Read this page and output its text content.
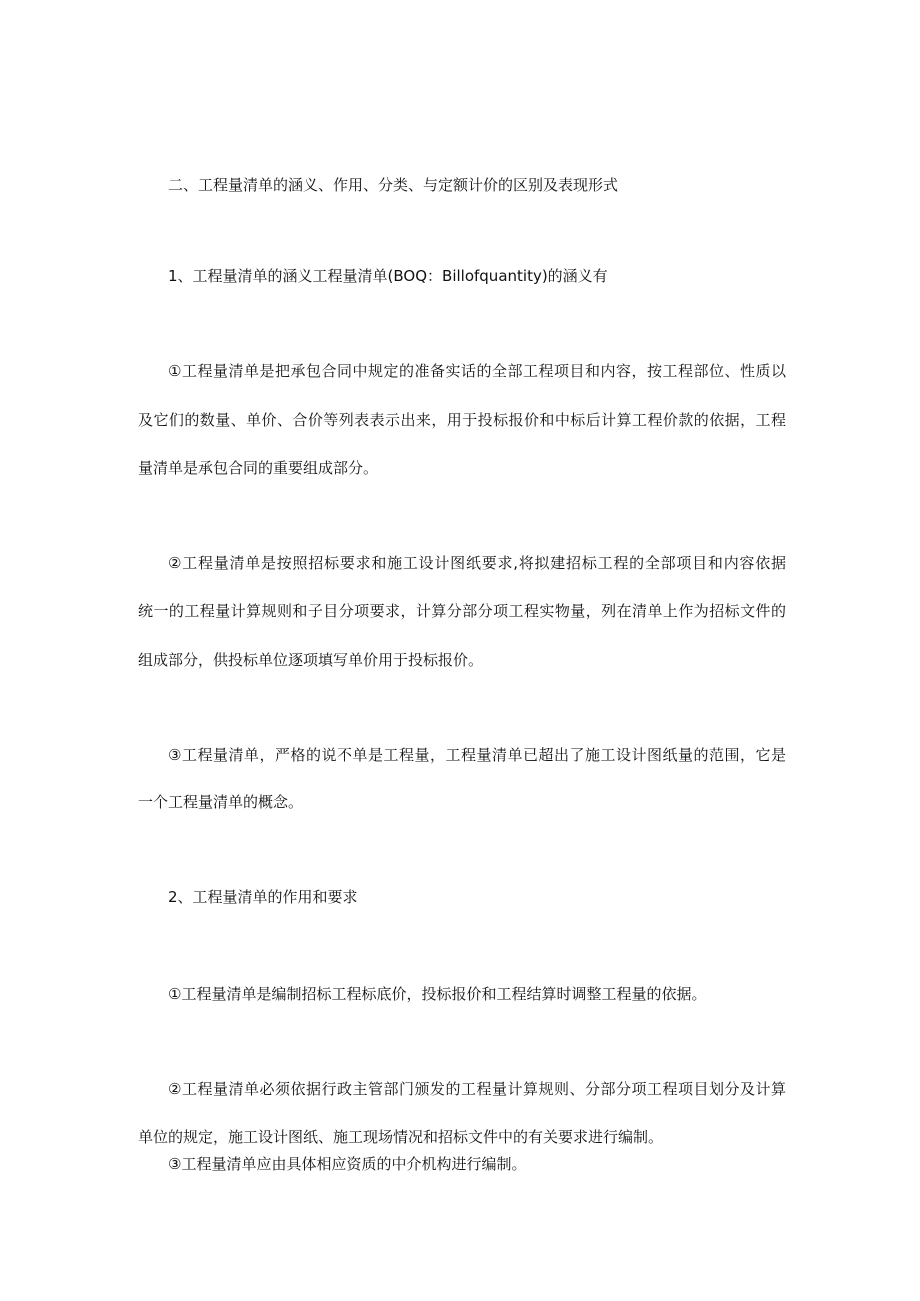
二、工程量清单的涵义、作用、分类、与定额计价的区别及表现形式
1、工程量清单的涵义工程量清单(BOQ：Billofquantity)的涵义有
①工程量清单是把承包合同中规定的准备实话的全部工程项目和内容，按工程部位、性质以
及它们的数量、单价、合价等列表表示出来，用于投标报价和中标后计算工程价款的依据，工程
量清单是承包合同的重要组成部分。
②工程量清单是按照招标要求和施工设计图纸要求,将拟建招标工程的全部项目和内容依据
统一的工程量计算规则和子目分项要求，计算分部分项工程实物量，列在清单上作为招标文件的
组成部分，供投标单位逐项填写单价用于投标报价。
③工程量清单，严格的说不单是工程量，工程量清单已超出了施工设计图纸量的范围，它是
一个工程量清单的概念。
2、工程量清单的作用和要求
①工程量清单是编制招标工程标底价，投标报价和工程结算时调整工程量的依据。
②工程量清单必须依据行政主管部门颁发的工程量计算规则、分部分项工程项目划分及计算
单位的规定，施工设计图纸、施工现场情况和招标文件中的有关要求进行编制。
③工程量清单应由具体相应资质的中介机构进行编制。
